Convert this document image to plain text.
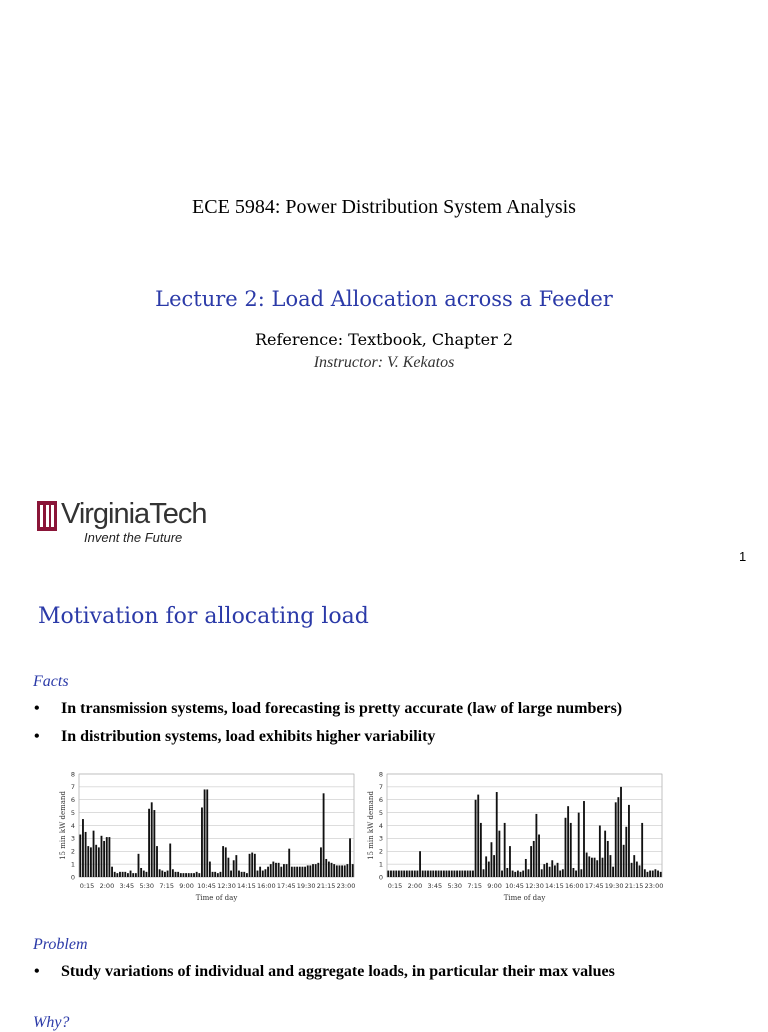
ECE 5984: Power Distribution System Analysis
Lecture 2: Load Allocation across a Feeder
Reference: Textbook, Chapter 2
Instructor: V. Kekatos
VirginiaTech
Invent the Future
1
Motivation for allocating load
Facts
• In transmission systems, load forecasting is pretty accurate (law of large numbers)
• In distribution systems, load exhibits higher variability
0
1
2
3
4
5
6
7
8
0:15 2:00 3:45 5:30 7:15 9:00 10:45 12:30 14:15 16:00 17:45 19:30 21:15 23:00
Time of day
15 min kW demand
0
1
2
3
4
5
6
7
8
0:15 2:00 3:45 5:30 7:15 9:00 10:45 12:30 14:15 16:00 17:45 19:30 21:15 23:00
Time of day
15 min kW demand
Problem
• Study variations of individual and aggregate loads, in particular their max values
Why?
